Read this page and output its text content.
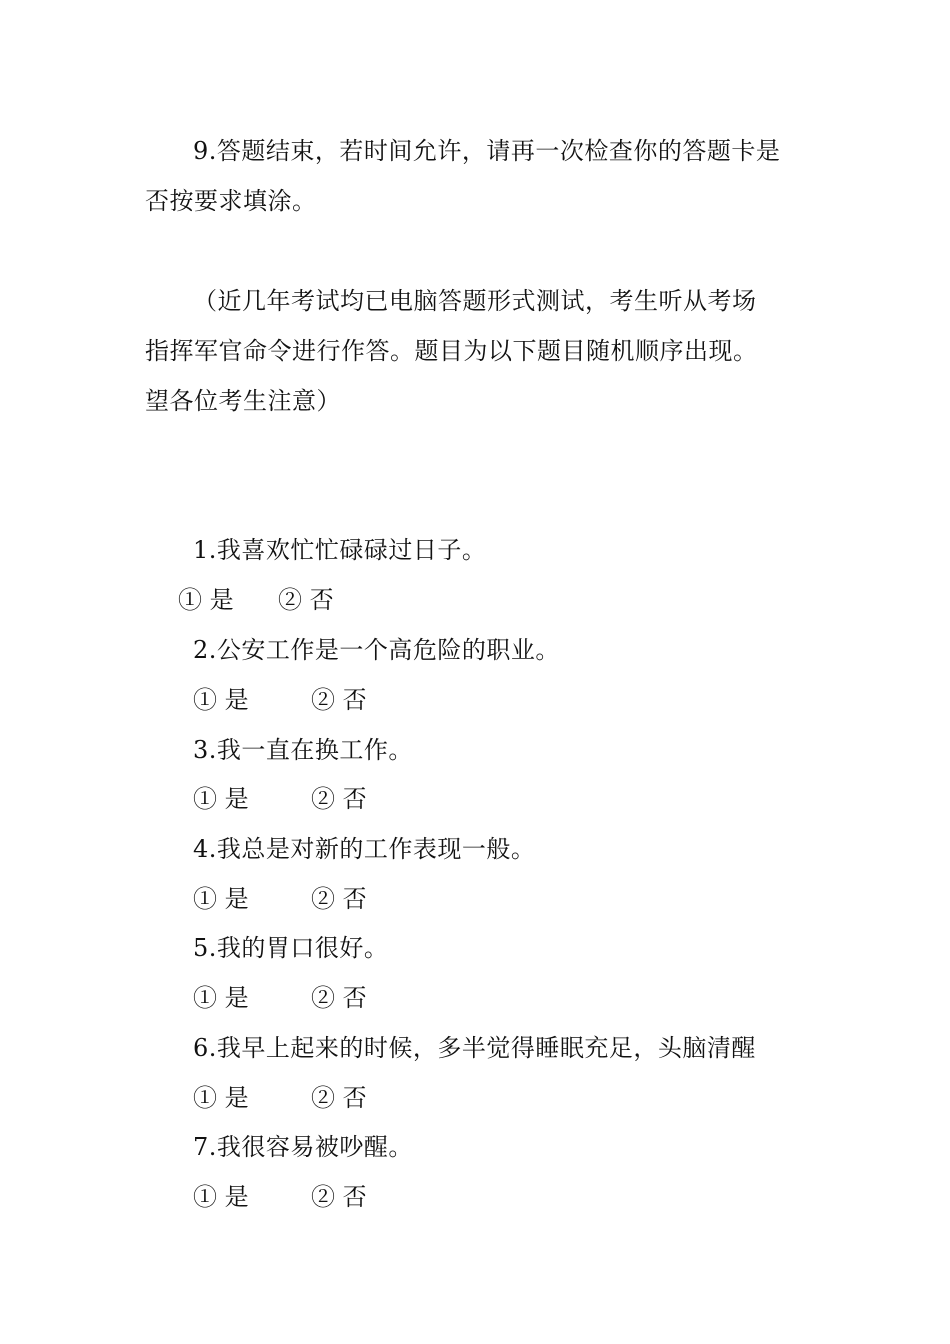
9.答题结束，若时间允许，请再一次检查你的答题卡是
否按要求填涂。
（近几年考试均已电脑答题形式测试，考生听从考场
指挥军官命令进行作答。题目为以下题目随机顺序出现。
望各位考生注意）
1.我喜欢忙忙碌碌过日子。
① 是 ② 否
2.公安工作是一个高危险的职业。
① 是	② 否
3.我一直在换工作。
① 是	② 否
4.我总是对新的工作表现一般。
① 是	② 否
5.我的胃口很好。
① 是	② 否
6.我早上起来的时候，多半觉得睡眠充足，头脑清醒
① 是	② 否
7.我很容易被吵醒。
① 是	② 否
